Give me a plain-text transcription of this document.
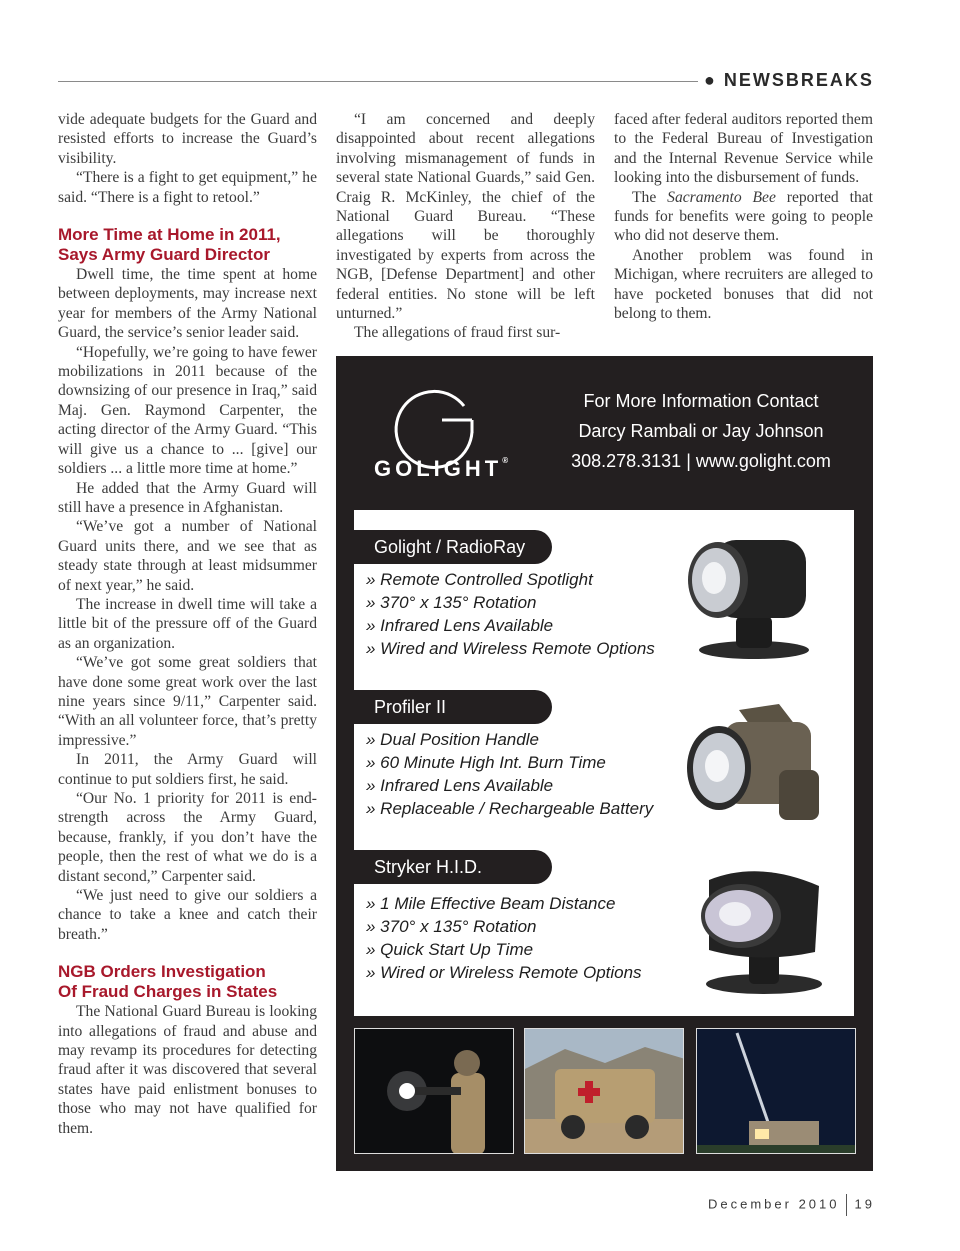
● NEWSBREAKS

vide adequate budgets for the Guard and resisted efforts to increase the Guard’s visibility.

“There is a fight to get equipment,” he said. “There is a fight to retool.”

More Time at Home in 2011,
Says Army Guard Director

Dwell time, the time spent at home between deployments, may increase next year for members of the Army National Guard, the service’s senior leader said.

“Hopefully, we’re going to have fewer mobilizations in 2011 because of the downsizing of our presence in Iraq,” said Maj. Gen. Raymond Carpenter, the acting director of the Army Guard. “This will give us a chance to ... [give] our soldiers ... a little more time at home.”

He added that the Army Guard will still have a presence in Afghanistan.

“We’ve got a number of National Guard units there, and we see that as steady state through at least midsummer of next year,” he said.

The increase in dwell time will take a little bit of the pressure off of the Guard as an organization.

“We’ve got some great soldiers that have done some great work over the last nine years since 9/11,” Carpenter said. “With an all volunteer force, that’s pretty impressive.”

In 2011, the Army Guard will continue to put soldiers first, he said.

“Our No. 1 priority for 2011 is end-strength across the Army Guard, because, frankly, if you don’t have the people, then the rest of what we do is a distant second,” Carpenter said.

“We just need to give our soldiers a chance to take a knee and catch their breath.”

NGB Orders Investigation
Of Fraud Charges in States

The National Guard Bureau is looking into allegations of fraud and abuse and may revamp its procedures for detecting fraud after it was discovered that several states have paid enlistment bonuses to those who may not have qualified for them.

“I am concerned and deeply disappointed about recent allegations involving mismanagement of funds in several state National Guards,” said Gen. Craig R. McKinley, the chief of the National Guard Bureau. “These allegations will be thoroughly investigated by experts from across the NGB, [Defense Department] and other federal entities. No stone will be left unturned.”

The allegations of fraud first sur-

faced after federal auditors reported them to the Federal Bureau of Investigation and the Internal Revenue Service while looking into the disbursement of funds.

The Sacramento Bee reported that funds for benefits were going to people who did not deserve them.

Another problem was found in Michigan, where recruiters are alleged to have pocketed bonuses that did not belong to them.

GOLIGHT®
For More Information Contact
Darcy Rambali or Jay Johnson
308.278.3131 | www.golight.com
Golight / RadioRay
» Remote Controlled Spotlight
» 370° x 135° Rotation
» Infrared Lens Available
» Wired and Wireless Remote Options
Profiler II
» Dual Position Handle
» 60 Minute High Int. Burn Time
» Infrared Lens Available
» Replaceable / Rechargeable Battery
Stryker H.I.D.
» 1 Mile Effective Beam Distance
» 370° x 135° Rotation
» Quick Start Up Time
» Wired or Wireless Remote Options
December 2010 19
